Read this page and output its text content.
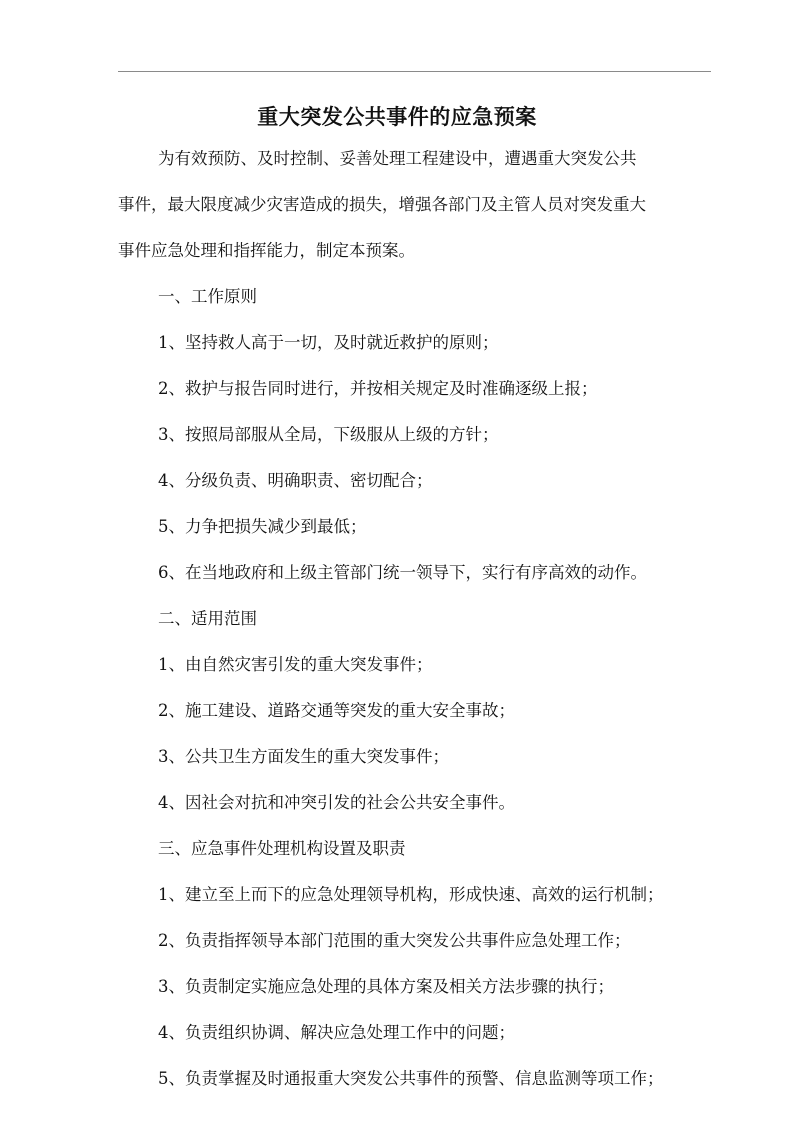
重大突发公共事件的应急预案
为有效预防、及时控制、妥善处理工程建设中，遭遇重大突发公共
事件，最大限度减少灾害造成的损失，增强各部门及主管人员对突发重大
事件应急处理和指挥能力，制定本预案。
一、工作原则
1、坚持救人高于一切，及时就近救护的原则；
2、救护与报告同时进行，并按相关规定及时准确逐级上报；
3、按照局部服从全局，下级服从上级的方针；
4、分级负责、明确职责、密切配合；
5、力争把损失减少到最低；
6、在当地政府和上级主管部门统一领导下，实行有序高效的动作。
二、适用范围
1、由自然灾害引发的重大突发事件；
2、施工建设、道路交通等突发的重大安全事故；
3、公共卫生方面发生的重大突发事件；
4、因社会对抗和冲突引发的社会公共安全事件。
三、应急事件处理机构设置及职责
1、建立至上而下的应急处理领导机构，形成快速、高效的运行机制；
2、负责指挥领导本部门范围的重大突发公共事件应急处理工作；
3、负责制定实施应急处理的具体方案及相关方法步骤的执行；
4、负责组织协调、解决应急处理工作中的问题；
5、负责掌握及时通报重大突发公共事件的预警、信息监测等项工作；
